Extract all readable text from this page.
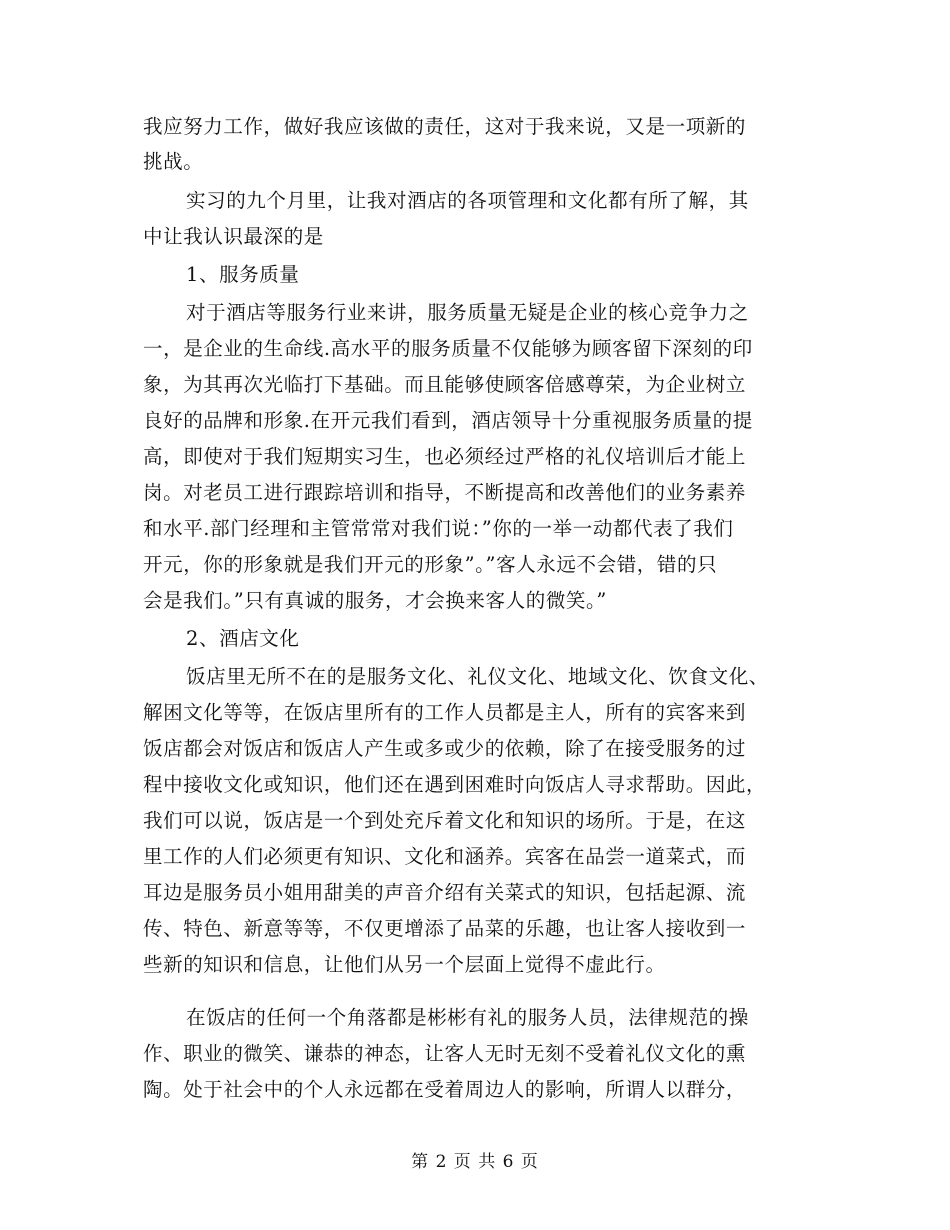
我应努力工作，做好我应该做的责任，这对于我来说，又是一项新的
挑战。
实习的九个月里，让我对酒店的各项管理和文化都有所了解，其
中让我认识最深的是
1、服务质量
对于酒店等服务行业来讲，服务质量无疑是企业的核心竞争力之
一，是企业的生命线.高水平的服务质量不仅能够为顾客留下深刻的印
象，为其再次光临打下基础。而且能够使顾客倍感尊荣，为企业树立
良好的品牌和形象.在开元我们看到，酒店领导十分重视服务质量的提
高，即使对于我们短期实习生，也必须经过严格的礼仪培训后才能上
岗。对老员工进行跟踪培训和指导，不断提高和改善他们的业务素养
和水平.部门经理和主管常常对我们说：”你的一举一动都代表了我们
开元，你的形象就是我们开元的形象”。”客人永远不会错，错的只
会是我们。”只有真诚的服务，才会换来客人的微笑。”
2、酒店文化
饭店里无所不在的是服务文化、礼仪文化、地域文化、饮食文化、
解困文化等等，在饭店里所有的工作人员都是主人，所有的宾客来到
饭店都会对饭店和饭店人产生或多或少的依赖，除了在接受服务的过
程中接收文化或知识，他们还在遇到困难时向饭店人寻求帮助。因此，
我们可以说，饭店是一个到处充斥着文化和知识的场所。于是，在这
里工作的人们必须更有知识、文化和涵养。宾客在品尝一道菜式，而
耳边是服务员小姐用甜美的声音介绍有关菜式的知识，包括起源、流
传、特色、新意等等，不仅更增添了品菜的乐趣，也让客人接收到一
些新的知识和信息，让他们从另一个层面上觉得不虚此行。
在饭店的任何一个角落都是彬彬有礼的服务人员，法律规范的操
作、职业的微笑、谦恭的神态，让客人无时无刻不受着礼仪文化的熏
陶。处于社会中的个人永远都在受着周边人的影响，所谓人以群分，
第 2 页 共 6 页
